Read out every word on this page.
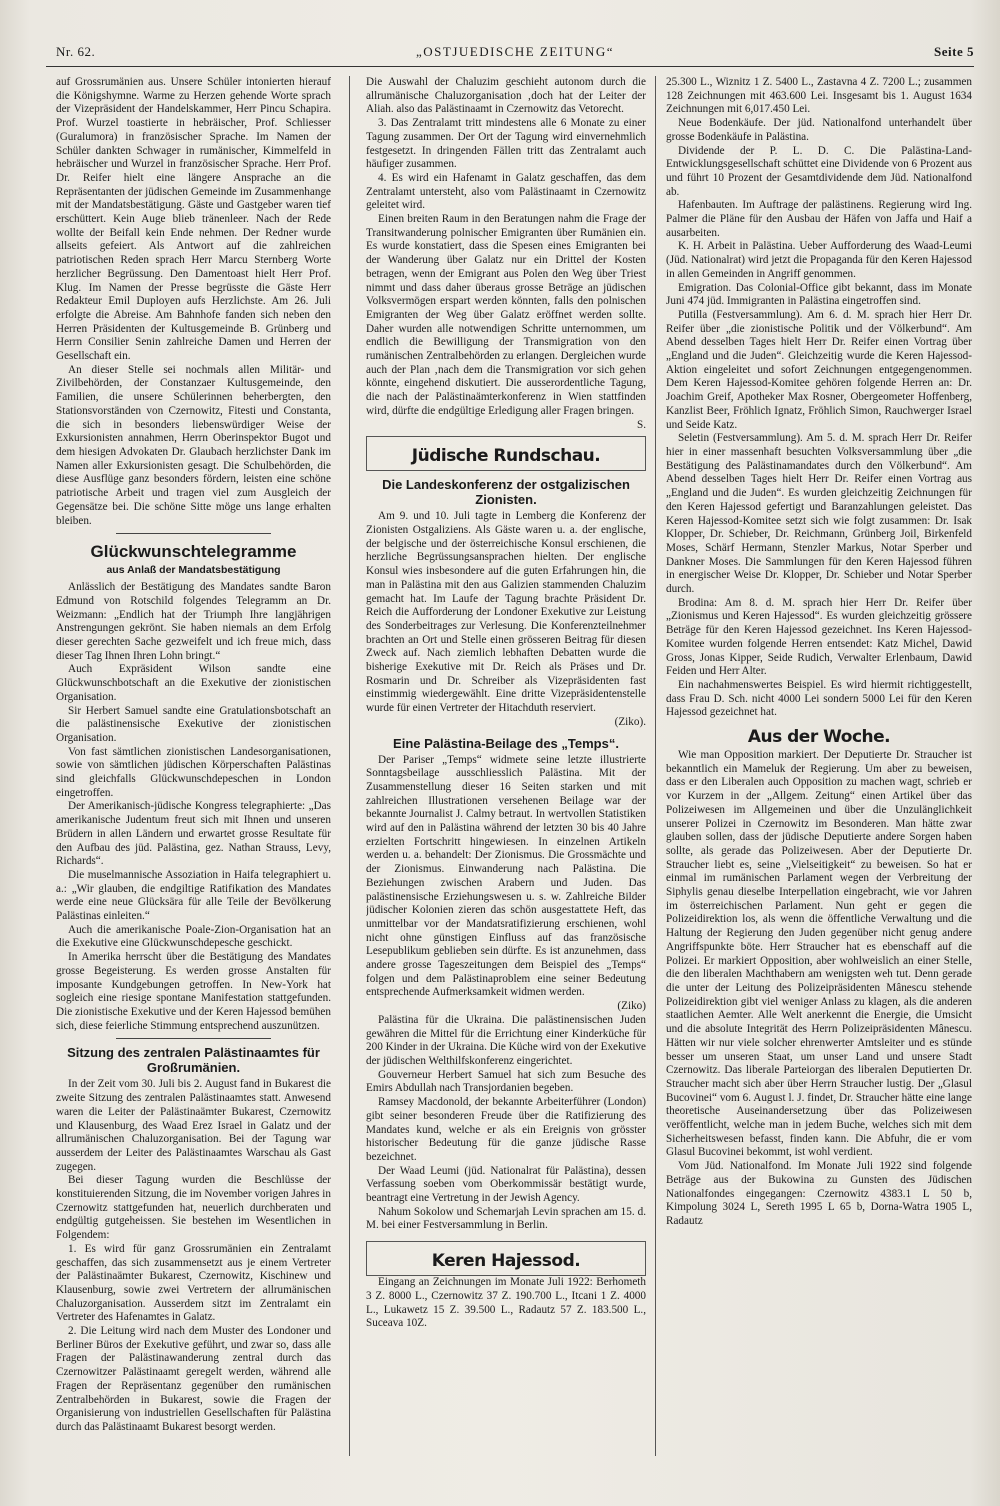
Nr. 62.	„OSTJUEDISCHE ZEITUNG“	Seite 5

auf Grossrumänien aus. Unsere Schüler intonierten hierauf die Königshymne. Warme zu Herzen gehende Worte sprach der Vizepräsident der Handelskammer, Herr Pincu Schapira. Prof. Wurzel toastierte in hebräischer, Prof. Schliesser (Guralumora) in französischer Sprache. Im Namen der Schüler dankten Schwager in rumänischer, Kimmelfeld in hebräischer und Wurzel in französischer Sprache. Herr Prof. Dr. Reifer hielt eine längere Ansprache an die Repräsentanten der jüdischen Gemeinde im Zusammenhange mit der Mandatsbestätigung. Gäste und Gastgeber waren tief erschüttert. Kein Auge blieb tränenleer. Nach der Rede wollte der Beifall kein Ende nehmen. Der Redner wurde allseits gefeiert. Als Antwort auf die zahlreichen patriotischen Reden sprach Herr Marcu Sternberg Worte herzlicher Begrüssung. Den Damentoast hielt Herr Prof. Klug. Im Namen der Presse begrüsste die Gäste Herr Redakteur Emil Duployen aufs Herzlichste. Am 26. Juli erfolgte die Abreise. Am Bahnhofe fanden sich neben den Herren Präsidenten der Kultusgemeinde B. Grünberg und Herrn Consilier Senin zahlreiche Damen und Herren der Gesellschaft ein.

An dieser Stelle sei nochmals allen Militär- und Zivilbehörden, der Constanzaer Kultusgemeinde, den Familien, die unsere Schülerinnen beherbergten, den Stationsvorständen von Czernowitz, Fitesti und Constanta, die sich in besonders liebenswürdiger Weise der Exkursionisten annahmen, Herrn Oberinspektor Bugot und dem hiesigen Advokaten Dr. Glaubach herzlichster Dank im Namen aller Exkursionisten gesagt. Die Schulbehörden, die diese Ausflüge ganz besonders fördern, leisten eine schöne patriotische Arbeit und tragen viel zum Ausgleich der Gegensätze bei. Die schöne Sitte möge uns lange erhalten bleiben.

Glückwunschtelegramme
aus Anlaß der Mandatsbestätigung

Anlässlich der Bestätigung des Mandates sandte Baron Edmund von Rotschild folgendes Telegramm an Dr. Weizmann: „Endlich hat der Triumph Ihre langjährigen Anstrengungen gekrönt. Sie haben niemals an dem Erfolg dieser gerechten Sache gezweifelt und ich freue mich, dass dieser Tag Ihnen Ihren Lohn bringt.“

Auch Expräsident Wilson sandte eine Glückwunschbotschaft an die Exekutive der zionistischen Organisation.

Sir Herbert Samuel sandte eine Gratulationsbotschaft an die palästinensische Exekutive der zionistischen Organisation.

Von fast sämtlichen zionistischen Landesorganisationen, sowie von sämtlichen jüdischen Körperschaften Palästinas sind gleichfalls Glückwunschdepeschen in London eingetroffen.

Der Amerikanisch-jüdische Kongress telegraphierte: „Das amerikanische Judentum freut sich mit Ihnen und unseren Brüdern in allen Ländern und erwartet grosse Resultate für den Aufbau des jüd. Palästina, gez. Nathan Strauss, Levy, Richards“.

Die muselmannische Assoziation in Haifa telegraphiert u. a.: „Wir glauben, die endgiltige Ratifikation des Mandates werde eine neue Glücksära für alle Teile der Bevölkerung Palästinas einleiten.“

Auch die amerikanische Poale-Zion-Organisation hat an die Exekutive eine Glückwunschdepesche geschickt.

In Amerika herrscht über die Bestätigung des Mandates grosse Begeisterung. Es werden grosse Anstalten für imposante Kundgebungen getroffen. In New-York hat sogleich eine riesige spontane Manifestation stattgefunden. Die zionistische Exekutive und der Keren Hajessod bemühen sich, diese feierliche Stimmung entsprechend auszunützen.

Sitzung des zentralen Palästinaamtes für Großrumänien.

In der Zeit vom 30. Juli bis 2. August fand in Bukarest die zweite Sitzung des zentralen Palästinaamtes statt. Anwesend waren die Leiter der Palästinaämter Bukarest, Czernowitz und Klausenburg, des Waad Erez Israel in Galatz und der allrumänischen Chaluzorganisation. Bei der Tagung war ausserdem der Leiter des Palästinaamtes Warschau als Gast zugegen.

Bei dieser Tagung wurden die Beschlüsse der konstituierenden Sitzung, die im November vorigen Jahres in Czernowitz stattgefunden hat, neuerlich durchberaten und endgültig gutgeheissen. Sie bestehen im Wesentlichen in Folgendem:

1. Es wird für ganz Grossrumänien ein Zentralamt geschaffen, das sich zusammensetzt aus je einem Vertreter der Palästinaämter Bukarest, Czernowitz, Kischinew und Klausenburg, sowie zwei Vertretern der allrumänischen Chaluzorganisation. Ausserdem sitzt im Zentralamt ein Vertreter des Hafenamtes in Galatz.

2. Die Leitung wird nach dem Muster des Londoner und Berliner Büros der Exekutive geführt, und zwar so, dass alle Fragen der Palästinawanderung zentral durch das Czernowitzer Palästinaamt geregelt werden, während alle Fragen der Repräsentanz gegenüber den rumänischen Zentralbehörden in Bukarest, sowie die Fragen der Organisierung von industriellen Gesellschaften für Palästina durch das Palästinaamt Bukarest besorgt werden.

Die Auswahl der Chaluzim geschieht autonom durch die allrumänische Chaluzorganisation ‚doch hat der Leiter der Aliah. also das Palästinaamt in Czernowitz das Vetorecht.

3. Das Zentralamt tritt mindestens alle 6 Monate zu einer Tagung zusammen. Der Ort der Tagung wird einvernehmlich festgesetzt. In dringenden Fällen tritt das Zentralamt auch häufiger zusammen.

4. Es wird ein Hafenamt in Galatz geschaffen, das dem Zentralamt untersteht, also vom Palästinaamt in Czernowitz geleitet wird.

Einen breiten Raum in den Beratungen nahm die Frage der Transitwanderung polnischer Emigranten über Rumänien ein. Es wurde konstatiert, dass die Spesen eines Emigranten bei der Wanderung über Galatz nur ein Drittel der Kosten betragen, wenn der Emigrant aus Polen den Weg über Triest nimmt und dass daher überaus grosse Beträge an jüdischen Volksvermögen erspart werden könnten, falls den polnischen Emigranten der Weg über Galatz eröffnet werden sollte. Daher wurden alle notwendigen Schritte unternommen, um endlich die Bewilligung der Transmigration von den rumänischen Zentralbehörden zu erlangen. Dergleichen wurde auch der Plan ‚nach dem die Transmigration vor sich gehen könnte, eingehend diskutiert. Die ausserordentliche Tagung, die nach der Palästinaämterkonferenz in Wien stattfinden wird, dürfte die endgültige Erledigung aller Fragen bringen.

S.

Jüdische Rundschau.
Die Landeskonferenz der ostgalizischen Zionisten.

Am 9. und 10. Juli tagte in Lemberg die Konferenz der Zionisten Ostgaliziens. Als Gäste waren u. a. der englische, der belgische und der österreichische Konsul erschienen, die herzliche Begrüssungsansprachen hielten. Der englische Konsul wies insbesondere auf die guten Erfahrungen hin, die man in Palästina mit den aus Galizien stammenden Chaluzim gemacht hat. Im Laufe der Tagung brachte Präsident Dr. Reich die Aufforderung der Londoner Exekutive zur Leistung des Sonderbeitrages zur Verlesung. Die Konferenzteilnehmer brachten an Ort und Stelle einen grösseren Beitrag für diesen Zweck auf. Nach ziemlich lebhaften Debatten wurde die bisherige Exekutive mit Dr. Reich als Präses und Dr. Rosmarin und Dr. Schreiber als Vizepräsidenten fast einstimmig wiedergewählt. Eine dritte Vizepräsidentenstelle wurde für einen Vertreter der Hitachduth reserviert.

(Ziko).

Eine Palästina-Beilage des „Temps“.

Der Pariser „Temps“ widmete seine letzte illustrierte Sonntagsbeilage ausschliesslich Palästina. Mit der Zusammenstellung dieser 16 Seiten starken und mit zahlreichen Illustrationen versehenen Beilage war der bekannte Journalist J. Calmy betraut. In wertvollen Statistiken wird auf den in Palästina während der letzten 30 bis 40 Jahre erzielten Fortschritt hingewiesen. In einzelnen Artikeln werden u. a. behandelt: Der Zionismus. Die Grossmächte und der Zionismus. Einwanderung nach Palästina. Die Beziehungen zwischen Arabern und Juden. Das palästinensische Erziehungswesen u. s. w. Zahlreiche Bilder jüdischer Kolonien zieren das schön ausgestattete Heft, das unmittelbar vor der Mandatsratifizierung erschienen, wohl nicht ohne günstigen Einfluss auf das französische Lesepublikum geblieben sein dürfte. Es ist anzunehmen, dass andere grosse Tageszeitungen dem Beispiel des „Temps“ folgen und dem Palästinaproblem eine seiner Bedeutung entsprechende Aufmerksamkeit widmen werden.

(Ziko)

Palästina für die Ukraina. Die palästinensischen Juden gewähren die Mittel für die Errichtung einer Kinderküche für 200 Kinder in der Ukraina. Die Küche wird von der Exekutive der jüdischen Welthilfskonferenz eingerichtet.

Gouverneur Herbert Samuel hat sich zum Besuche des Emirs Abdullah nach Transjordanien begeben.

Ramsey Macdonold, der bekannte Arbeiterführer (London) gibt seiner besonderen Freude über die Ratifizierung des Mandates kund, welche er als ein Ereignis von grösster historischer Bedeutung für die ganze jüdische Rasse bezeichnet.

Der Waad Leumi (jüd. Nationalrat für Palästina), dessen Verfassung soeben vom Oberkommissär bestätigt wurde, beantragt eine Vertretung in der Jewish Agency.

Nahum Sokolow und Schemarjah Levin sprachen am 15. d. M. bei einer Festversammlung in Berlin.

Keren Hajessod.

Eingang an Zeichnungen im Monate Juli 1922: Berhometh 3 Z. 8000 L., Czernowitz 37 Z. 190.700 L., Itcani 1 Z. 4000 L., Lukawetz 15 Z. 39.500 L., Radautz 57 Z. 183.500 L., Suceava 10Z.

25.300 L., Wiznitz 1 Z. 5400 L., Zastavna 4 Z. 7200 L.; zusammen 128 Zeichnungen mit 463.600 Lei. Insgesamt bis 1. August 1634 Zeichnungen mit 6,017.450 Lei.

Neue Bodenkäufe. Der jüd. Nationalfond unterhandelt über grosse Bodenkäufe in Palästina.

Dividende der P. L. D. C. Die Palästina-Land-Entwicklungsgesellschaft schüttet eine Dividende von 6 Prozent aus und führt 10 Prozent der Gesamtdividende dem Jüd. Nationalfond ab.

Hafenbauten. Im Auftrage der palästinens. Regierung wird Ing. Palmer die Pläne für den Ausbau der Häfen von Jaffa und Haif a ausarbeiten.

K. H. Arbeit in Palästina. Ueber Aufforderung des Waad-Leumi (Jüd. Nationalrat) wird jetzt die Propaganda für den Keren Hajessod in allen Gemeinden in Angriff genommen.

Emigration. Das Colonial-Office gibt bekannt, dass im Monate Juni 474 jüd. Immigranten in Palästina eingetroffen sind.

Putilla (Festversammlung). Am 6. d. M. sprach hier Herr Dr. Reifer über „die zionistische Politik und der Völkerbund“. Am Abend desselben Tages hielt Herr Dr. Reifer einen Vortrag über „England und die Juden“. Gleichzeitig wurde die Keren Hajessod-Aktion eingeleitet und sofort Zeichnungen entgegengenommen. Dem Keren Hajessod-Komitee gehören folgende Herren an: Dr. Joachim Greif, Apotheker Max Rosner, Obergeometer Hoffenberg, Kanzlist Beer, Fröhlich Ignatz, Fröhlich Simon, Rauchwerger Israel und Seide Katz.

Seletin (Festversammlung). Am 5. d. M. sprach Herr Dr. Reifer hier in einer massenhaft besuchten Volksversammlung über „die Bestätigung des Palästinamandates durch den Völkerbund“. Am Abend desselben Tages hielt Herr Dr. Reifer einen Vortrag aus „England und die Juden“. Es wurden gleichzeitig Zeichnungen für den Keren Hajessod gefertigt und Baranzahlungen geleistet. Das Keren Hajessod-Komitee setzt sich wie folgt zusammen: Dr. Isak Klopper, Dr. Schieber, Dr. Reichmann, Grünberg Joil, Birkenfeld Moses, Schärf Hermann, Stenzler Markus, Notar Sperber und Dankner Moses. Die Sammlungen für den Keren Hajessod führen in energischer Weise Dr. Klopper, Dr. Schieber und Notar Sperber durch.

Brodina: Am 8. d. M. sprach hier Herr Dr. Reifer über „Zionismus und Keren Hajessod“. Es wurden gleichzeitig grössere Beträge für den Keren Hajessod gezeichnet. Ins Keren Hajessod-Komitee wurden folgende Herren entsendet: Katz Michel, Dawid Gross, Jonas Kipper, Seide Rudich, Verwalter Erlenbaum, Dawid Feiden und Herr Alter.

Ein nachahmenswertes Beispiel. Es wird hiermit richtiggestellt, dass Frau D. Sch. nicht 4000 Lei sondern 5000 Lei für den Keren Hajessod gezeichnet hat.

Aus der Woche.

Wie man Opposition markiert. Der Deputierte Dr. Straucher ist bekanntlich ein Mameluk der Regierung. Um aber zu beweisen, dass er den Liberalen auch Opposition zu machen wagt, schrieb er vor Kurzem in der „Allgem. Zeitung“ einen Artikel über das Polizeiwesen im Allgemeinen und über die Unzulänglichkeit unserer Polizei in Czernowitz im Besonderen. Man hätte zwar glauben sollen, dass der jüdische Deputierte andere Sorgen haben sollte, als gerade das Polizeiwesen. Aber der Deputierte Dr. Straucher liebt es, seine „Vielseitigkeit“ zu beweisen. So hat er einmal im rumänischen Parlament wegen der Verbreitung der Siphylis genau dieselbe Interpellation eingebracht, wie vor Jahren im österreichischen Parlament. Nun geht er gegen die Polizeidirektion los, als wenn die öffentliche Verwaltung und die Haltung der Regierung den Juden gegenüber nicht genug andere Angriffspunkte böte. Herr Straucher hat es ebenschaff auf die Polizei. Er markiert Opposition, aber wohlweislich an einer Stelle, die den liberalen Machthabern am wenigsten weh tut. Denn gerade die unter der Leitung des Polizeipräsidenten Mânescu stehende Polizeidirektion gibt viel weniger Anlass zu klagen, als die anderen staatlichen Aemter. Alle Welt anerkennt die Energie, die Umsicht und die absolute Integrität des Herrn Polizeipräsidenten Mânescu. Hätten wir nur viele solcher ehrenwerter Amtsleiter und es stünde besser um unseren Staat, um unser Land und unsere Stadt Czernowitz. Das liberale Parteiorgan des liberalen Deputierten Dr. Straucher macht sich aber über Herrn Straucher lustig. Der „Glasul Bucovinei“ vom 6. August l. J. findet, Dr. Straucher hätte eine lange theoretische Auseinandersetzung über das Polizeiwesen veröffentlicht, welche man in jedem Buche, welches sich mit dem Sicherheitswesen befasst, finden kann. Die Abfuhr, die er vom Glasul Bucovinei bekommt, ist wohl verdient.

Vom Jüd. Nationalfond. Im Monate Juli 1922 sind folgende Beträge aus der Bukowina zu Gunsten des Jüdischen Nationalfondes eingegangen: Czernowitz 4383.1 L 50 b, Kimpolung 3024 L, Sereth 1995 L 65 b, Dorna-Watra 1905 L, Radautz
